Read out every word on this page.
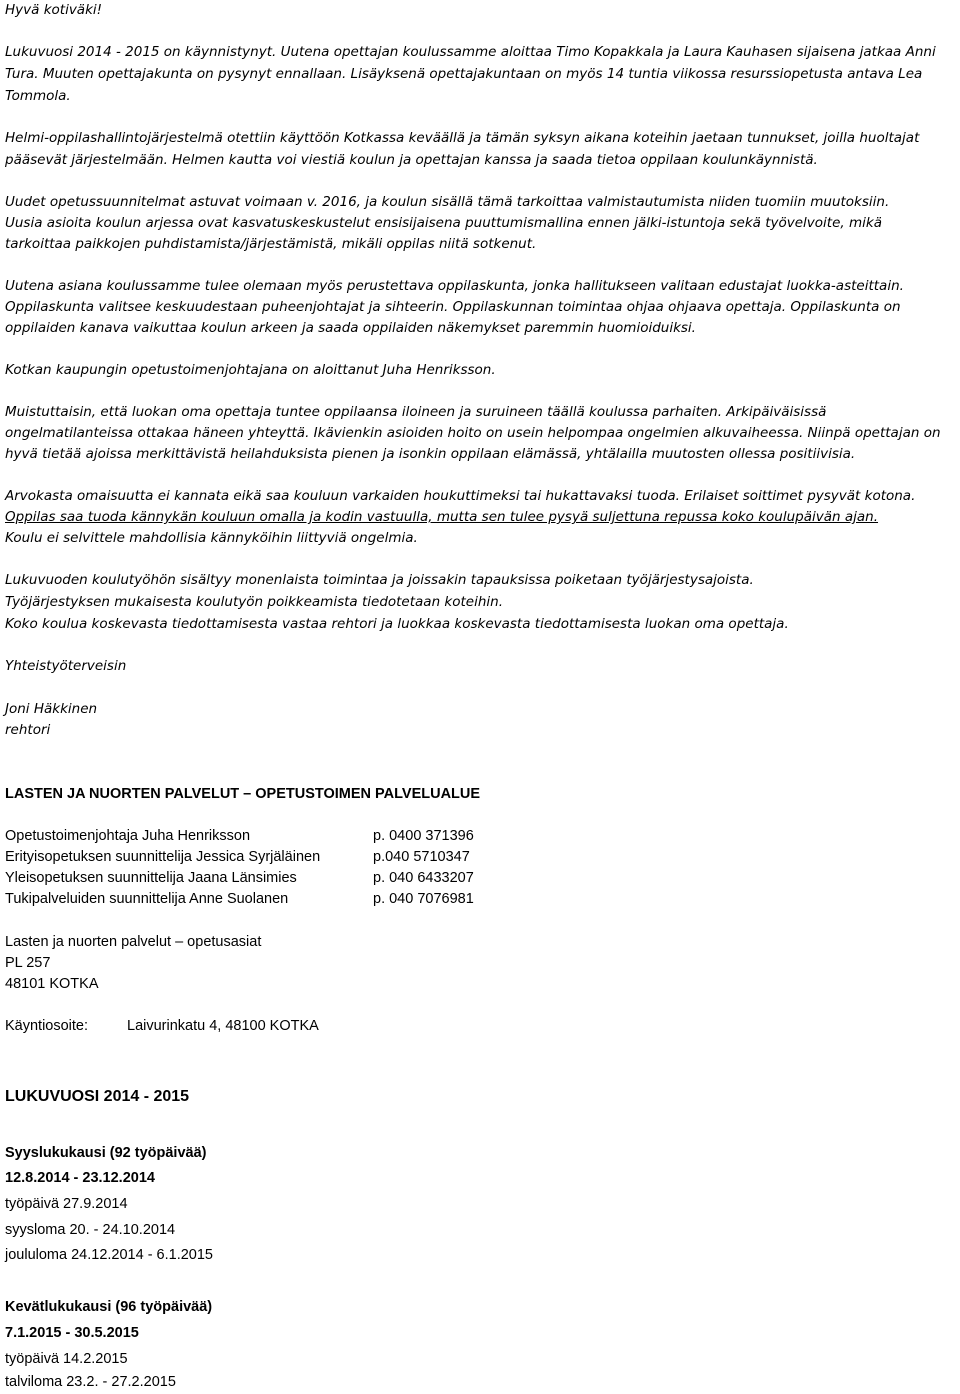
Hyvä kotiväki!
Lukuvuosi 2014 - 2015 on käynnistynyt. Uutena opettajan koulussamme aloittaa Timo Kopakkala ja Laura Kauhasen sijaisena jatkaa Anni
Tura. Muuten opettajakunta on pysynyt ennallaan. Lisäyksenä opettajakuntaan on myös 14 tuntia viikossa resurssiopetusta antava Lea
Tommola.
Helmi-oppilashallintojärjestelmä otettiin käyttöön Kotkassa keväällä ja tämän syksyn aikana koteihin jaetaan tunnukset, joilla huoltajat
pääsevät järjestelmään. Helmen kautta voi viestiä koulun ja opettajan kanssa ja saada tietoa oppilaan koulunkäynnistä.
Uudet opetussuunnitelmat astuvat voimaan v. 2016, ja koulun sisällä tämä tarkoittaa valmistautumista niiden tuomiin muutoksiin.
Uusia asioita koulun arjessa ovat kasvatuskeskustelut ensisijaisena puuttumismallina ennen jälki-istuntoja sekä työvelvoite, mikä
tarkoittaa paikkojen puhdistamista/järjestämistä, mikäli oppilas niitä sotkenut.
Uutena asiana koulussamme tulee olemaan myös perustettava oppilaskunta, jonka hallitukseen valitaan edustajat luokka-asteittain.
Oppilaskunta valitsee keskuudestaan puheenjohtajat ja sihteerin. Oppilaskunnan toimintaa ohjaa ohjaava opettaja. Oppilaskunta on
oppilaiden kanava vaikuttaa koulun arkeen ja saada oppilaiden näkemykset paremmin huomioiduiksi.
Kotkan kaupungin opetustoimenjohtajana on aloittanut Juha Henriksson.
Muistuttaisin, että luokan oma opettaja tuntee oppilaansa iloineen ja suruineen täällä koulussa parhaiten. Arkipäiväisissä
ongelmatilanteissa ottakaa häneen yhteyttä. Ikävienkin asioiden hoito on usein helpompaa ongelmien alkuvaiheessa. Niinpä opettajan on
hyvä tietää ajoissa merkittävistä heilahduksista pienen ja isonkin oppilaan elämässä, yhtälailla muutosten ollessa positiivisia.
Arvokasta omaisuutta ei kannata eikä saa kouluun varkaiden houkuttimeksi tai hukattavaksi tuoda. Erilaiset soittimet pysyvät kotona.
Oppilas saa tuoda kännykän kouluun omalla ja kodin vastuulla, mutta sen tulee pysyä suljettuna repussa koko koulupäivän ajan.
Koulu ei selvittele mahdollisia kännyköihin liittyviä ongelmia.
Lukuvuoden koulutyöhön sisältyy monenlaista toimintaa ja joissakin tapauksissa poiketaan työjärjestysajoista.
Työjärjestyksen mukaisesta koulutyön poikkeamista tiedotetaan koteihin.
Koko koulua koskevasta tiedottamisesta vastaa rehtori ja luokkaa koskevasta tiedottamisesta luokan oma opettaja.
Yhteistyöterveisin
Joni Häkkinen
rehtori
LASTEN JA NUORTEN PALVELUT – OPETUSTOIMEN PALVELUALUE
Opetustoimenjohtaja Juha Henriksson	p. 0400 371396
Erityisopetuksen suunnittelija Jessica Syrjäläinen	p.040 5710347
Yleisopetuksen suunnittelija Jaana Länsimies	p. 040 6433207
Tukipalveluiden suunnittelija Anne Suolanen	p. 040 7076981
Lasten ja nuorten palvelut – opetusasiat
PL 257
48101 KOTKA
Käyntiosoite:	Laivurinkatu 4, 48100 KOTKA
LUKUVUOSI 2014 - 2015
Syyslukukausi (92 työpäivää)
12.8.2014 - 23.12.2014
työpäivä 27.9.2014
syysloma 20. - 24.10.2014
joululoma 24.12.2014 - 6.1.2015
Kevätlukukausi (96 työpäivää)
7.1.2015 - 30.5.2015
työpäivä 14.2.2015
talviloma 23.2. - 27.2.2015
